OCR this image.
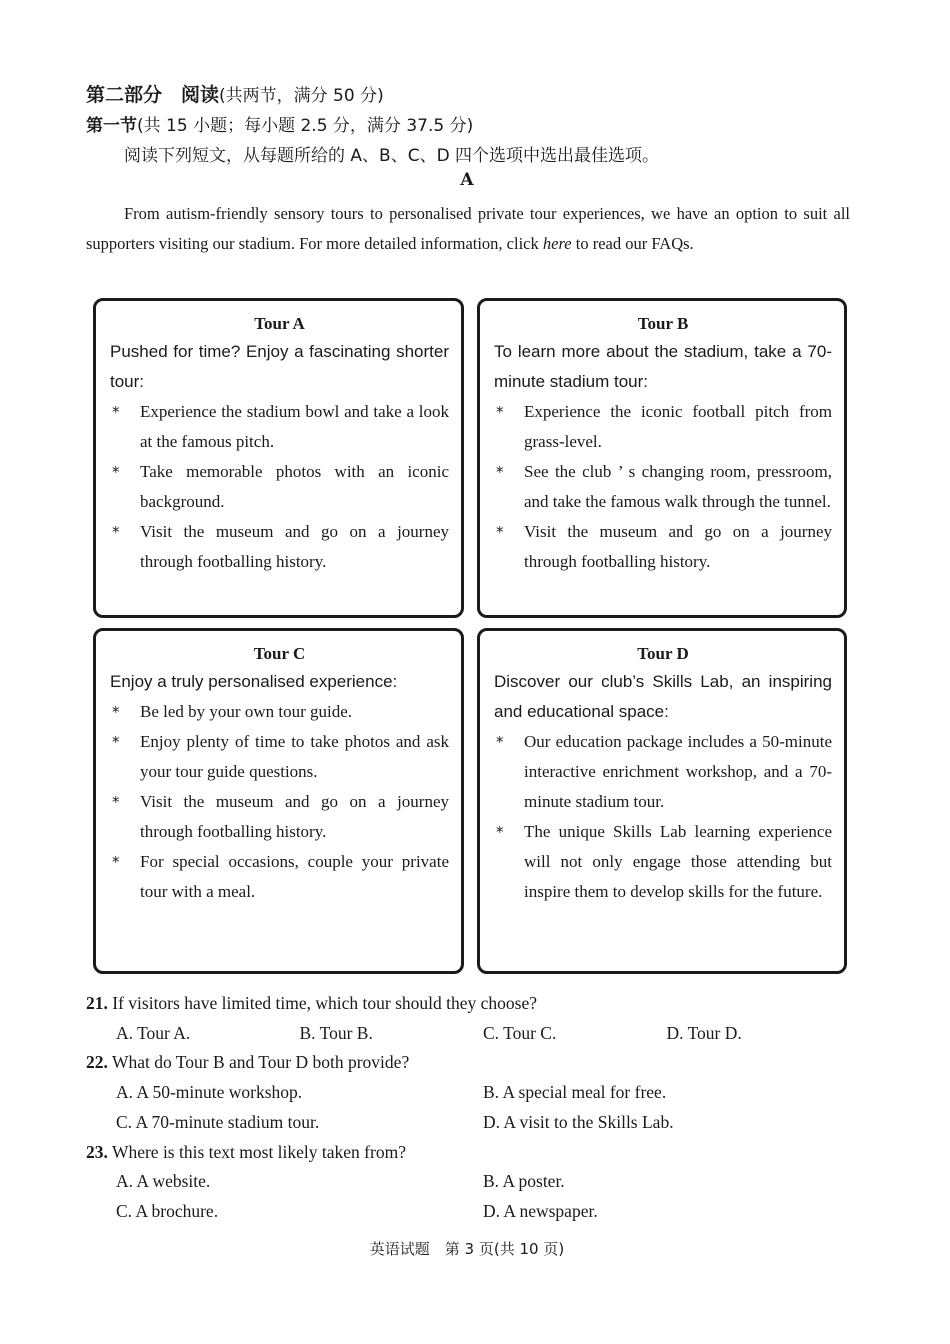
第二部分　阅读(共两节，满分 50 分)
第一节(共 15 小题；每小题 2.5 分，满分 37.5 分)
阅读下列短文，从每题所给的 A、B、C、D 四个选项中选出最佳选项。
A
From autism-friendly sensory tours to personalised private tour experiences, we have an option to suit all supporters visiting our stadium. For more detailed information, click here to read our FAQs.
Tour A
Pushed for time? Enjoy a fascinating shorter tour:
* Experience the stadium bowl and take a look at the famous pitch.
* Take memorable photos with an iconic background.
* Visit the museum and go on a journey through footballing history.
Tour B
To learn more about the stadium, take a 70-minute stadium tour:
* Experience the iconic football pitch from grass-level.
* See the club ’ s changing room, pressroom, and take the famous walk through the tunnel.
* Visit the museum and go on a journey through footballing history.
Tour C
Enjoy a truly personalised experience:
* Be led by your own tour guide.
* Enjoy plenty of time to take photos and ask your tour guide questions.
* Visit the museum and go on a journey through footballing history.
* For special occasions, couple your private tour with a meal.
Tour D
Discover our club’s Skills Lab, an inspiring and educational space:
* Our education package includes a 50-minute interactive enrichment workshop, and a 70-minute stadium tour.
* The unique Skills Lab learning experience will not only engage those attending but inspire them to develop skills for the future.
21. If visitors have limited time, which tour should they choose?
A. Tour A.	B. Tour B.	C. Tour C.	D. Tour D.
22. What do Tour B and Tour D both provide?
A. A 50-minute workshop.	B. A special meal for free.
C. A 70-minute stadium tour.	D. A visit to the Skills Lab.
23. Where is this text most likely taken from?
A. A website.	B. A poster.
C. A brochure.	D. A newspaper.
英语试题　第 3 页(共 10 页)
